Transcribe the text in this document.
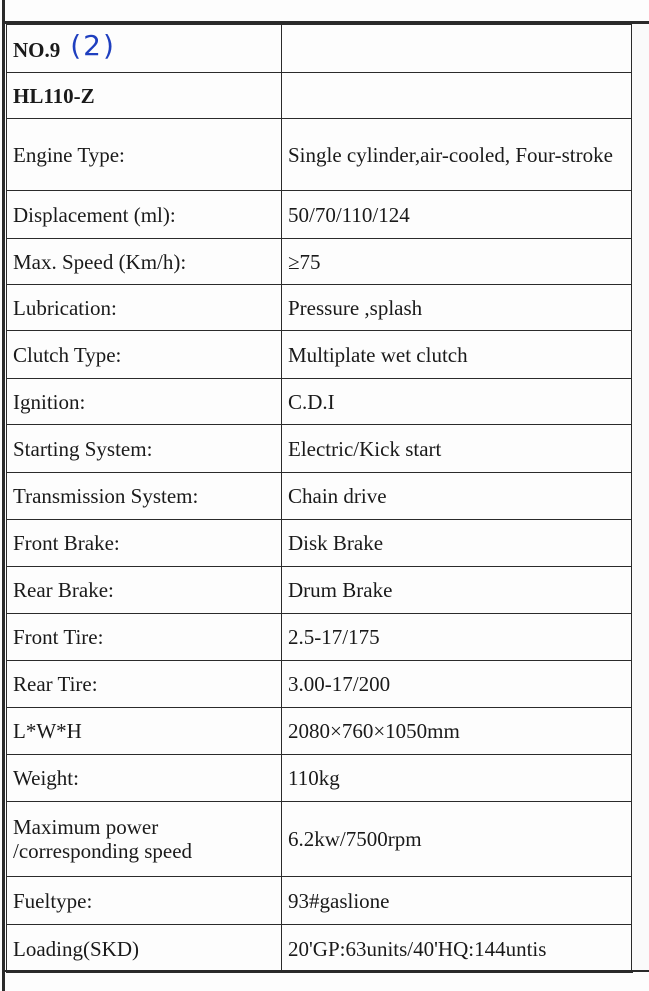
NO.9 (2)	
HL110-Z	
Engine Type:	Single cylinder,air-cooled, Four-stroke
Displacement (ml):	50/70/110/124
Max. Speed (Km/h):	≥75
Lubrication:	Pressure ,splash
Clutch Type:	Multiplate wet clutch
Ignition:	C.D.I
Starting System:	Electric/Kick start
Transmission System:	Chain drive
Front Brake:	Disk Brake
Rear Brake:	Drum Brake
Front Tire:	2.5-17/175
Rear Tire:	3.00-17/200
L*W*H	2080×760×1050mm
Weight:	110kg
Maximum power /corresponding speed	6.2kw/7500rpm
Fueltype:	93#gaslione
Loading(SKD)	20'GP:63units/40'HQ:144untis
